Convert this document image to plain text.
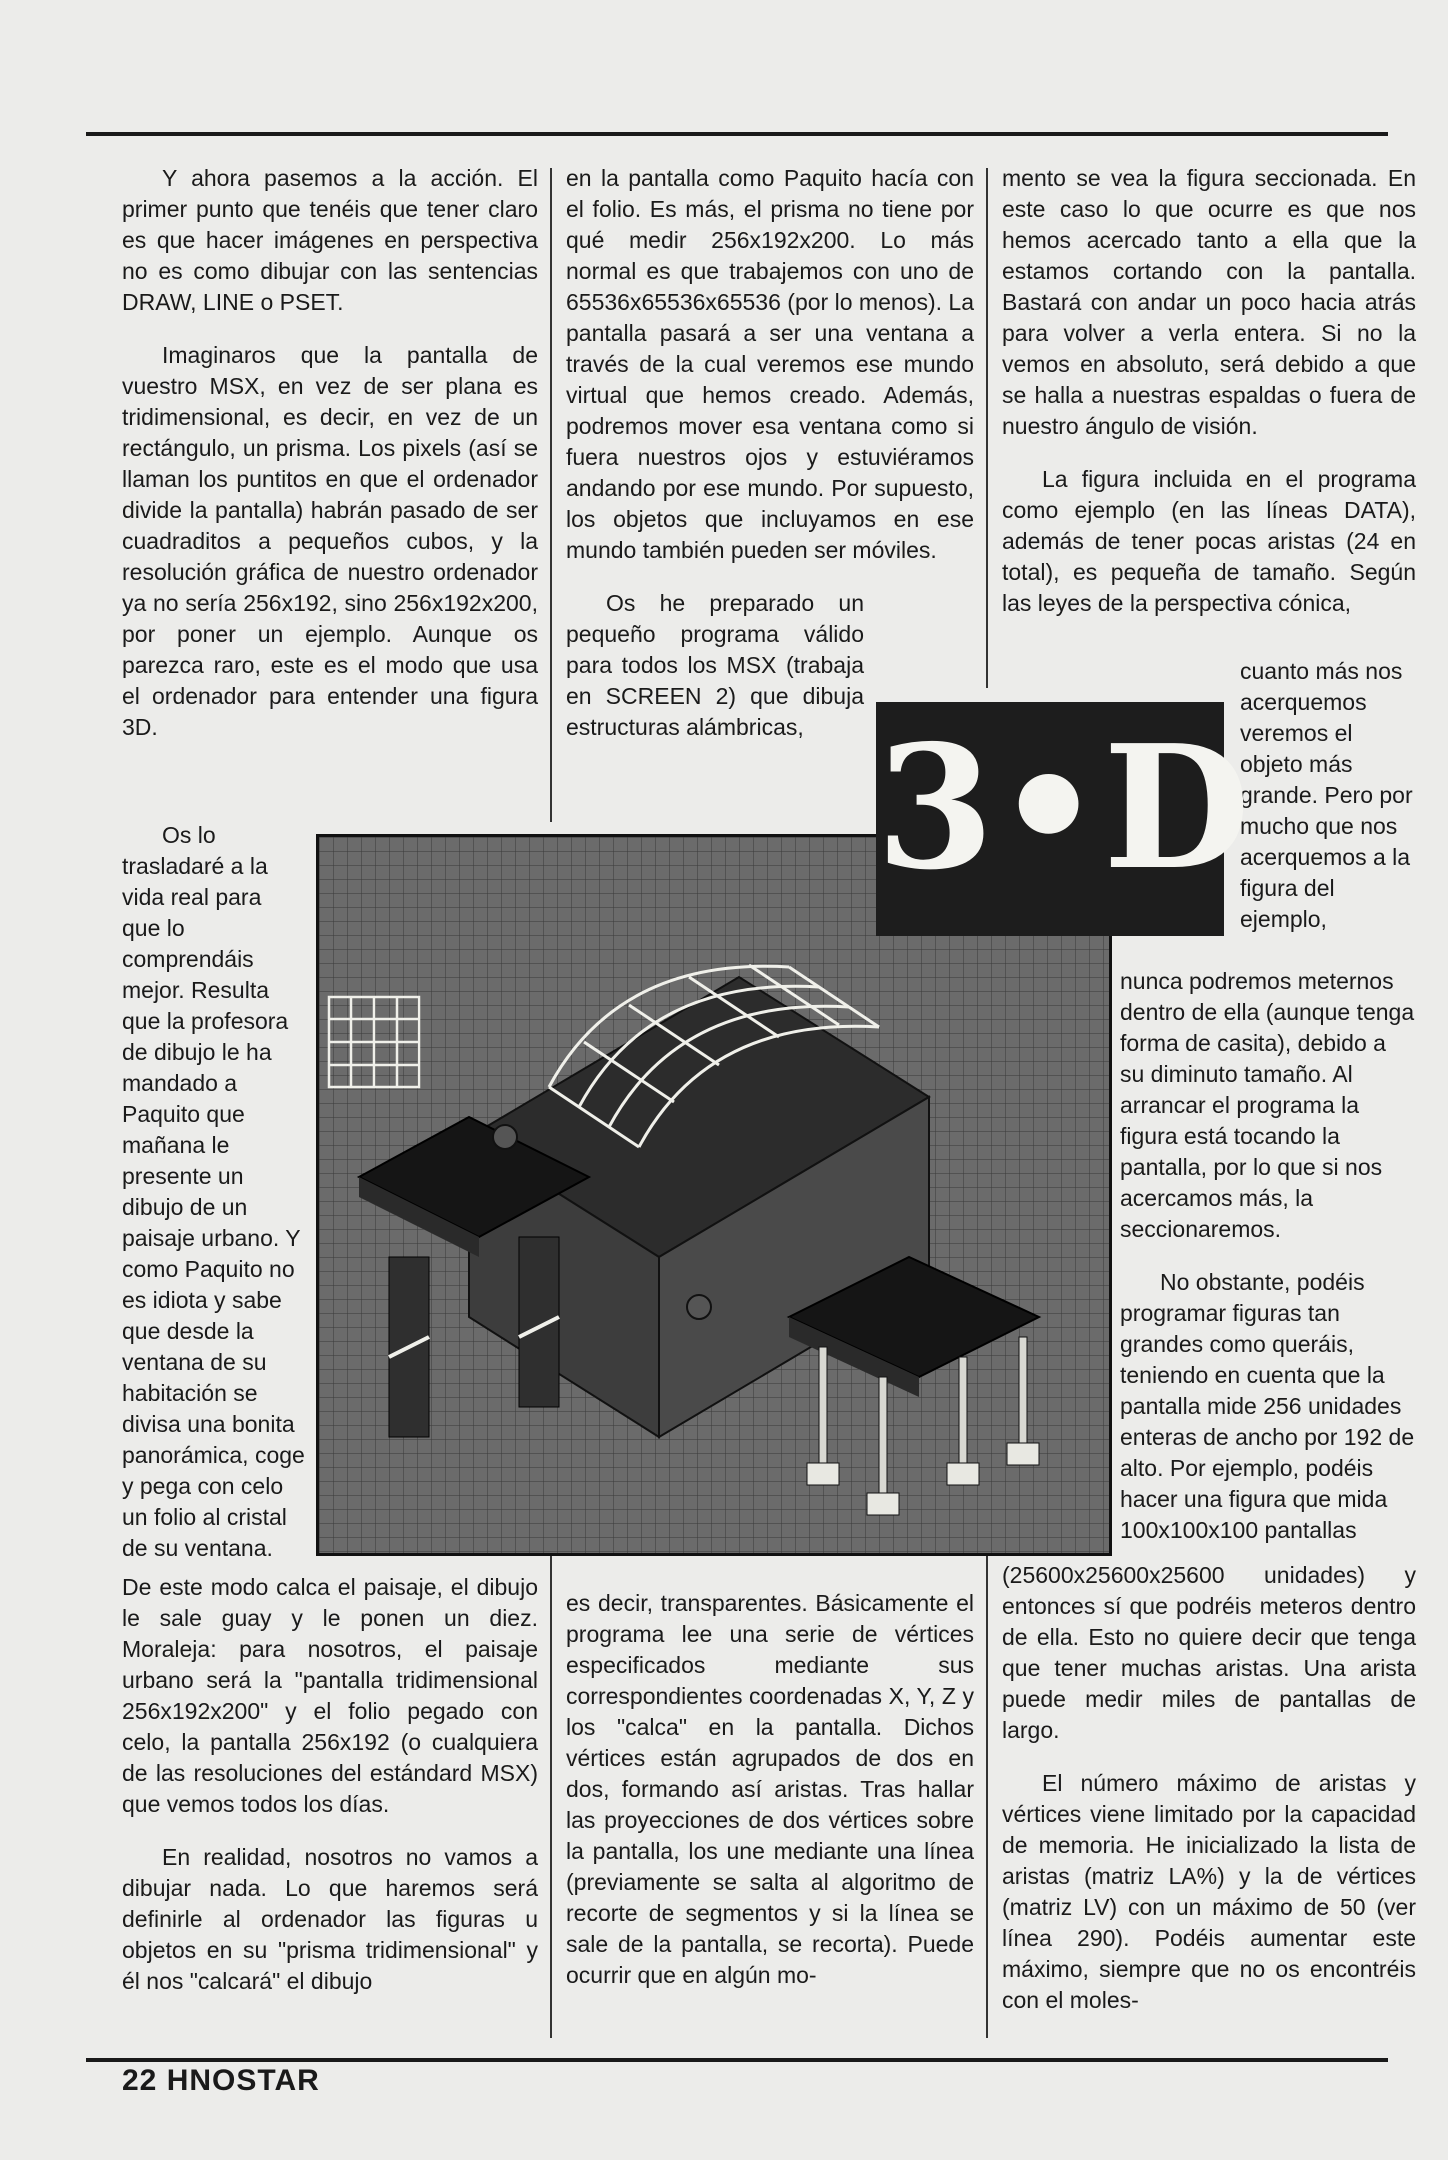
Y ahora pasemos a la acción. El primer punto que tenéis que tener claro es que hacer imágenes en perspectiva no es como dibujar con las sentencias DRAW, LINE o PSET.

Imaginaros que la pantalla de vuestro MSX, en vez de ser plana es tridimensional, es decir, en vez de un rectángulo, un prisma. Los pixels (así se llaman los puntitos en que el ordenador divide la pantalla) habrán pasado de ser cuadraditos a pequeños cubos, y la resolución gráfica de nuestro ordenador ya no sería 256x192, sino 256x192x200, por poner un ejemplo. Aunque os parezca raro, este es el modo que usa el ordenador para entender una figura 3D.

Os lo trasladaré a la vida real para que lo comprendáis mejor. Resulta que la profesora de dibujo le ha mandado a Paquito que mañana le presente un dibujo de un paisaje urbano. Y como Paquito no es idiota y sabe que desde la ventana de su habitación se divisa una bonita panorámica, coge y pega con celo un folio al cristal de su ventana.

De este modo calca el paisaje, el dibujo le sale guay y le ponen un diez. Moraleja: para nosotros, el paisaje urbano será la "pantalla tridimensional 256x192x200" y el folio pegado con celo, la pantalla 256x192 (o cualquiera de las resoluciones del estándard MSX) que vemos todos los días.

En realidad, nosotros no vamos a dibujar nada. Lo que haremos será definirle al ordenador las figuras u objetos en su "prisma tridimensional" y él nos "calcará" el dibujo

en la pantalla como Paquito hacía con el folio. Es más, el prisma no tiene por qué medir 256x192x200. Lo más normal es que trabajemos con uno de 65536x65536x65536 (por lo menos). La pantalla pasará a ser una ventana a través de la cual veremos ese mundo virtual que hemos creado. Además, podremos mover esa ventana como si fuera nuestros ojos y estuviéramos andando por ese mundo. Por supuesto, los objetos que incluyamos en ese mundo también pueden ser móviles.

Os he preparado un pequeño programa válido para todos los MSX (trabaja en SCREEN 2) que dibuja estructuras alámbricas,

es decir, transparentes. Básicamente el programa lee una serie de vértices especificados mediante sus correspondientes coordenadas X, Y, Z y los "calca" en la pantalla. Dichos vértices están agrupados de dos en dos, formando así aristas. Tras hallar las proyecciones de dos vértices sobre la pantalla, los une mediante una línea (previamente se salta al algoritmo de recorte de segmentos y si la línea se sale de la pantalla, se recorta). Puede ocurrir que en algún mo-

mento se vea la figura seccionada. En este caso lo que ocurre es que nos hemos acercado tanto a ella que la estamos cortando con la pantalla. Bastará con andar un poco hacia atrás para volver a verla entera. Si no la vemos en absoluto, será debido a que se halla a nuestras espaldas o fuera de nuestro ángulo de visión.

La figura incluida en el programa como ejemplo (en las líneas DATA), además de tener pocas aristas (24 en total), es pequeña de tamaño. Según las leyes de la perspectiva cónica,

cuanto más nos acerquemos veremos el objeto más grande. Pero por mucho que nos acerquemos a la figura del ejemplo,

nunca podremos meternos dentro de ella (aunque tenga forma de casita), debido a su diminuto tamaño. Al arrancar el programa la figura está tocando la pantalla, por lo que si nos acercamos más, la seccionaremos.

No obstante, podéis programar figuras tan grandes como queráis, teniendo en cuenta que la pantalla mide 256 unidades enteras de ancho por 192 de alto. Por ejemplo, podéis hacer una figura que mida 100x100x100 pantallas

(25600x25600x25600 unidades) y entonces sí que podréis meteros dentro de ella. Esto no quiere decir que tenga que tener muchas aristas. Una arista puede medir miles de pantallas de largo.

El número máximo de aristas y vértices viene limitado por la capacidad de memoria. He inicializado la lista de aristas (matriz LA%) y la de vértices (matriz LV) con un máximo de 50 (ver línea 290). Podéis aumentar este máximo, siempre que no os encontréis con el moles-

3•D
22 HNOSTAR
